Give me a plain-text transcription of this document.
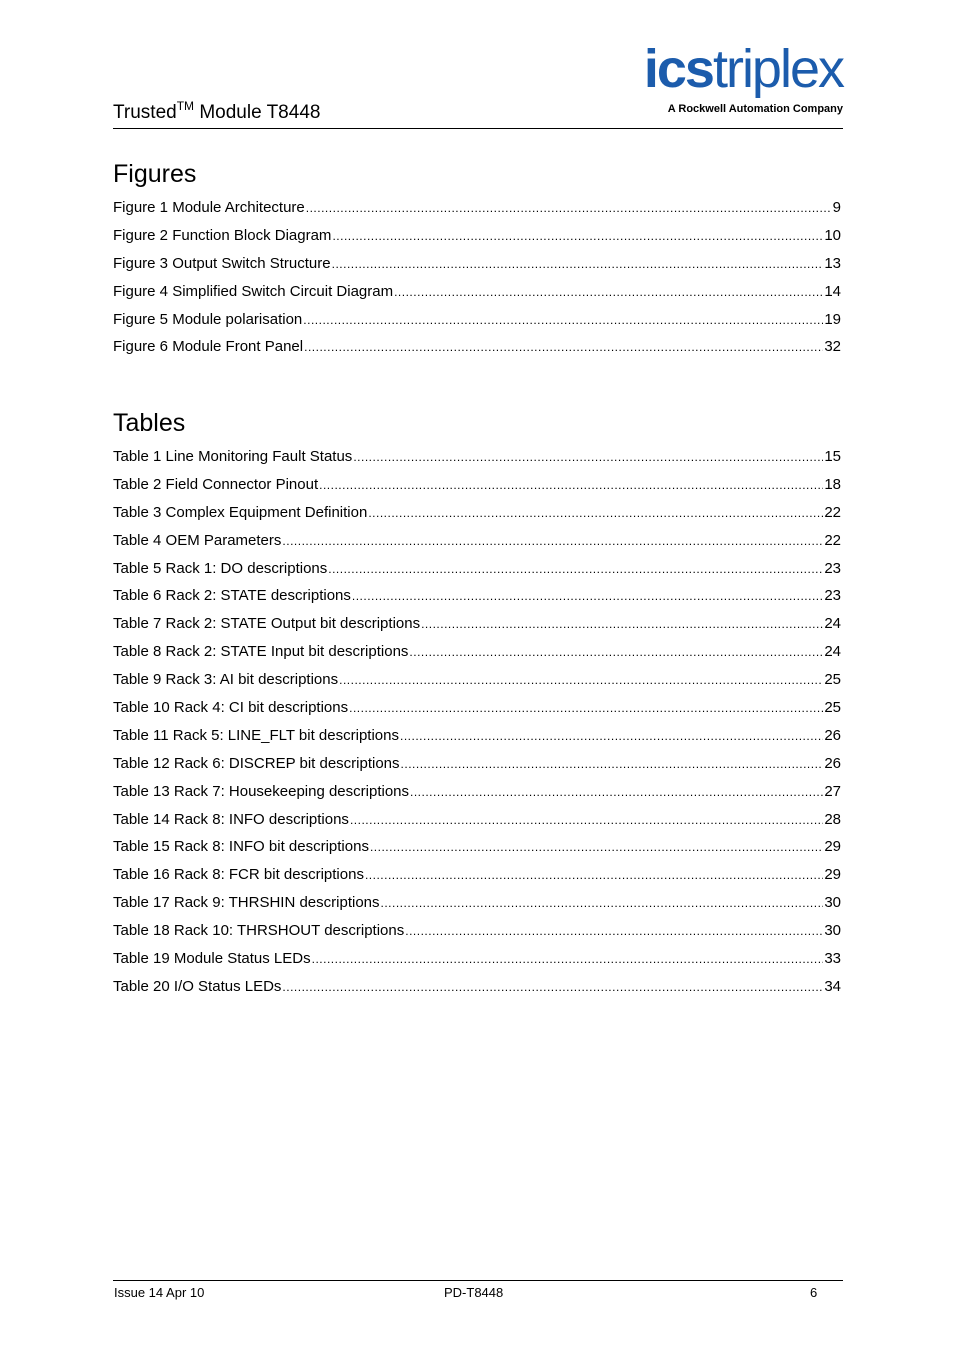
Trusted™ Module T8448
icstriplex
A Rockwell Automation Company
Figures
Figure 1 Module Architecture .....	9
Figure 2 Function Block Diagram .....	10
Figure 3 Output Switch Structure .....	13
Figure 4 Simplified Switch Circuit Diagram .....	14
Figure 5 Module polarisation .....	19
Figure 6 Module Front Panel .....	32
Tables
Table 1 Line Monitoring Fault Status .....	15
Table 2 Field Connector Pinout .....	18
Table 3 Complex Equipment Definition .....	22
Table 4 OEM Parameters .....	22
Table 5 Rack 1: DO descriptions .....	23
Table 6 Rack 2: STATE descriptions .....	23
Table 7 Rack 2: STATE Output bit descriptions .....	24
Table 8 Rack 2: STATE Input bit descriptions .....	24
Table 9 Rack 3: AI bit descriptions .....	25
Table 10 Rack 4: CI bit descriptions .....	25
Table 11 Rack 5: LINE_FLT bit descriptions .....	26
Table 12 Rack 6: DISCREP bit descriptions .....	26
Table 13 Rack 7: Housekeeping descriptions .....	27
Table 14 Rack 8: INFO descriptions .....	28
Table 15 Rack 8: INFO bit descriptions .....	29
Table 16 Rack 8: FCR bit descriptions .....	29
Table 17 Rack 9: THRSHIN descriptions .....	30
Table 18 Rack 10: THRSHOUT descriptions .....	30
Table 19 Module Status LEDs .....	33
Table 20 I/O Status LEDs .....	34
Issue 14 Apr 10	PD-T8448	6
